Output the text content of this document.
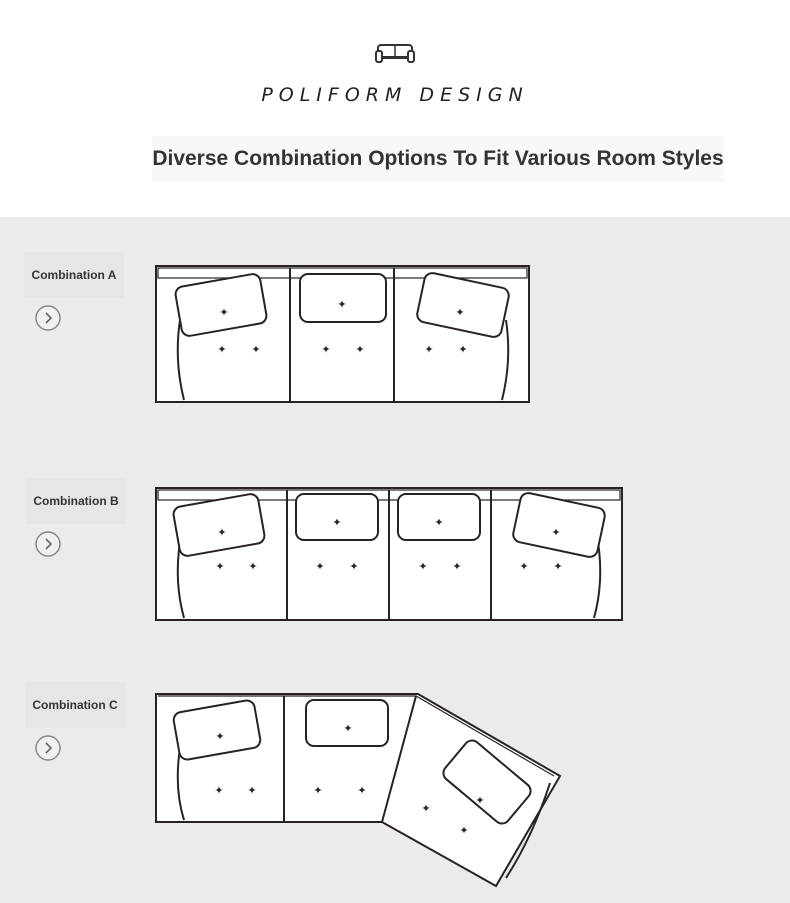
POLIFORM DESIGN
Diverse Combination Options To Fit Various Room Styles
Combination A
✦
✦
✦
✦ ✦	✦ ✦	✦ ✦
Combination B
✦
✦	✦
✦
✦ ✦	✦ ✦	✦ ✦	✦ ✦
Combination C
✦
✦
✦
✦ ✦	✦	✦
✦
✦
